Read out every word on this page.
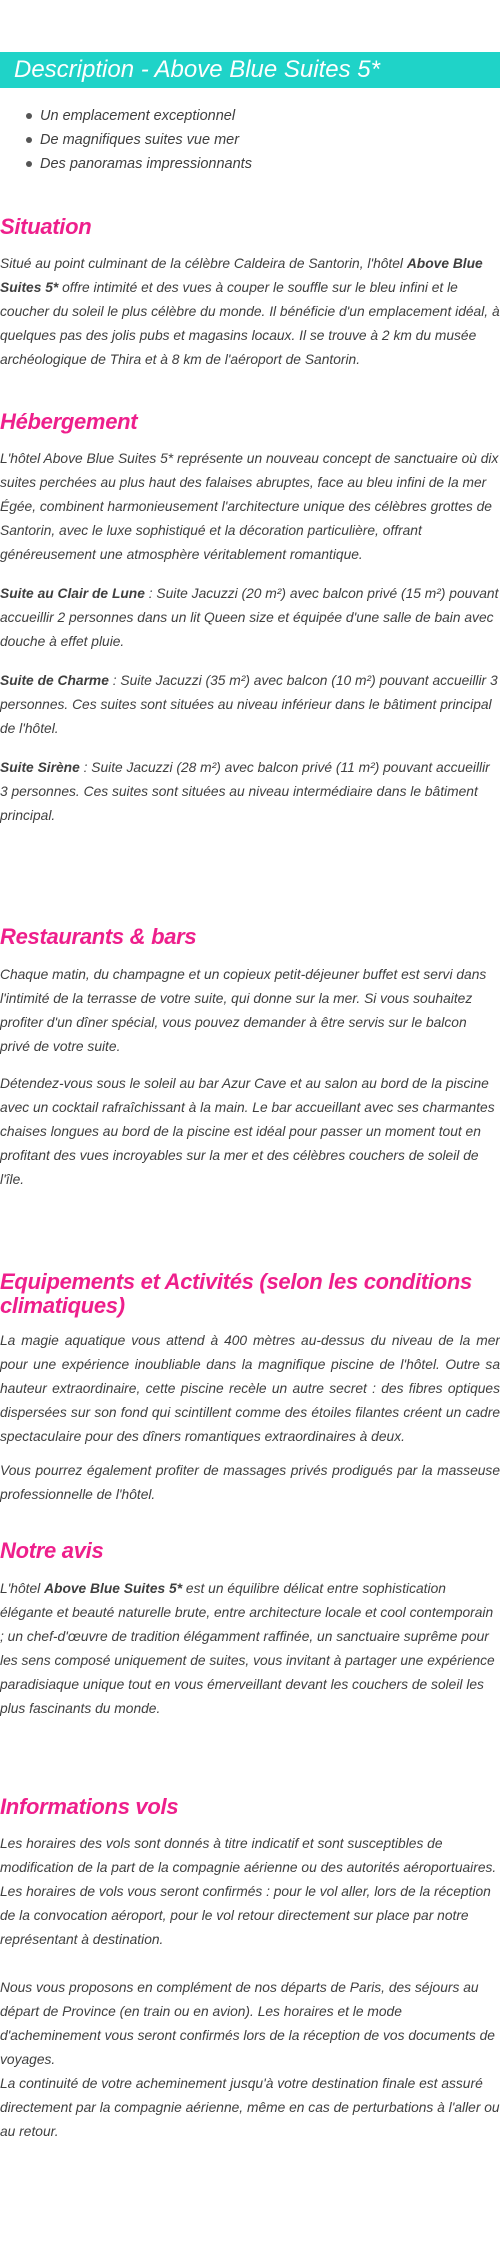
Description - Above Blue Suites 5*
Un emplacement exceptionnel
De magnifiques suites vue mer
Des panoramas impressionnants
Situation

Situé au point culminant de la célèbre Caldeira de Santorin, l'hôtel Above Blue Suites 5* offre intimité et des vues à couper le souffle sur le bleu infini et le coucher du soleil le plus célèbre du monde. Il bénéficie d'un emplacement idéal, à quelques pas des jolis pubs et magasins locaux. Il se trouve à 2 km du musée archéologique de Thira et à 8 km de l'aéroport de Santorin.

Hébergement

L'hôtel Above Blue Suites 5* représente un nouveau concept de sanctuaire où dix suites perchées au plus haut des falaises abruptes, face au bleu infini de la mer Égée, combinent harmonieusement l'architecture unique des célèbres grottes de Santorin, avec le luxe sophistiqué et la décoration particulière, offrant généreusement une atmosphère véritablement romantique.

Suite au Clair de Lune : Suite Jacuzzi (20 m²) avec balcon privé (15 m²) pouvant accueillir 2 personnes dans un lit Queen size et équipée d'une salle de bain avec douche à effet pluie.

Suite de Charme : Suite Jacuzzi (35 m²) avec balcon (10 m²) pouvant accueillir 3 personnes. Ces suites sont situées au niveau inférieur dans le bâtiment principal de l'hôtel.

Suite Sirène : Suite Jacuzzi (28 m²) avec balcon privé (11 m²) pouvant accueillir 3 personnes. Ces suites sont situées au niveau intermédiaire dans le bâtiment principal.

Restaurants & bars

Chaque matin, du champagne et un copieux petit-déjeuner buffet est servi dans l'intimité de la terrasse de votre suite, qui donne sur la mer. Si vous souhaitez profiter d'un dîner spécial, vous pouvez demander à être servis sur le balcon privé de votre suite.

Détendez-vous sous le soleil au bar Azur Cave et au salon au bord de la piscine avec un cocktail rafraîchissant à la main. Le bar accueillant avec ses charmantes chaises longues au bord de la piscine est idéal pour passer un moment tout en profitant des vues incroyables sur la mer et des célèbres couchers de soleil de l'île.

Equipements et Activités (selon les conditions climatiques)

La magie aquatique vous attend à 400 mètres au-dessus du niveau de la mer pour une expérience inoubliable dans la magnifique piscine de l'hôtel. Outre sa hauteur extraordinaire, cette piscine recèle un autre secret : des fibres optiques dispersées sur son fond qui scintillent comme des étoiles filantes créent un cadre spectaculaire pour des dîners romantiques extraordinaires à deux.

Vous pourrez également profiter de massages privés prodigués par la masseuse professionnelle de l'hôtel.

Notre avis

L'hôtel Above Blue Suites 5* est un équilibre délicat entre sophistication élégante et beauté naturelle brute, entre architecture locale et cool contemporain ; un chef-d'œuvre de tradition élégamment raffinée, un sanctuaire suprême pour les sens composé uniquement de suites, vous invitant à partager une expérience paradisiaque unique tout en vous émerveillant devant les couchers de soleil les plus fascinants du monde.

Informations vols

Les horaires des vols sont donnés à titre indicatif et sont susceptibles de modification de la part de la compagnie aérienne ou des autorités aéroportuaires.

Les horaires de vols vous seront confirmés : pour le vol aller, lors de la réception de la convocation aéroport, pour le vol retour directement sur place par notre représentant à destination.

Nous vous proposons en complément de nos départs de Paris, des séjours au départ de Province (en train ou en avion). Les horaires et le mode d'acheminement vous seront confirmés lors de la réception de vos documents de voyages.

La continuité de votre acheminement jusqu'à votre destination finale est assuré directement par la compagnie aérienne, même en cas de perturbations à l'aller ou au retour.
